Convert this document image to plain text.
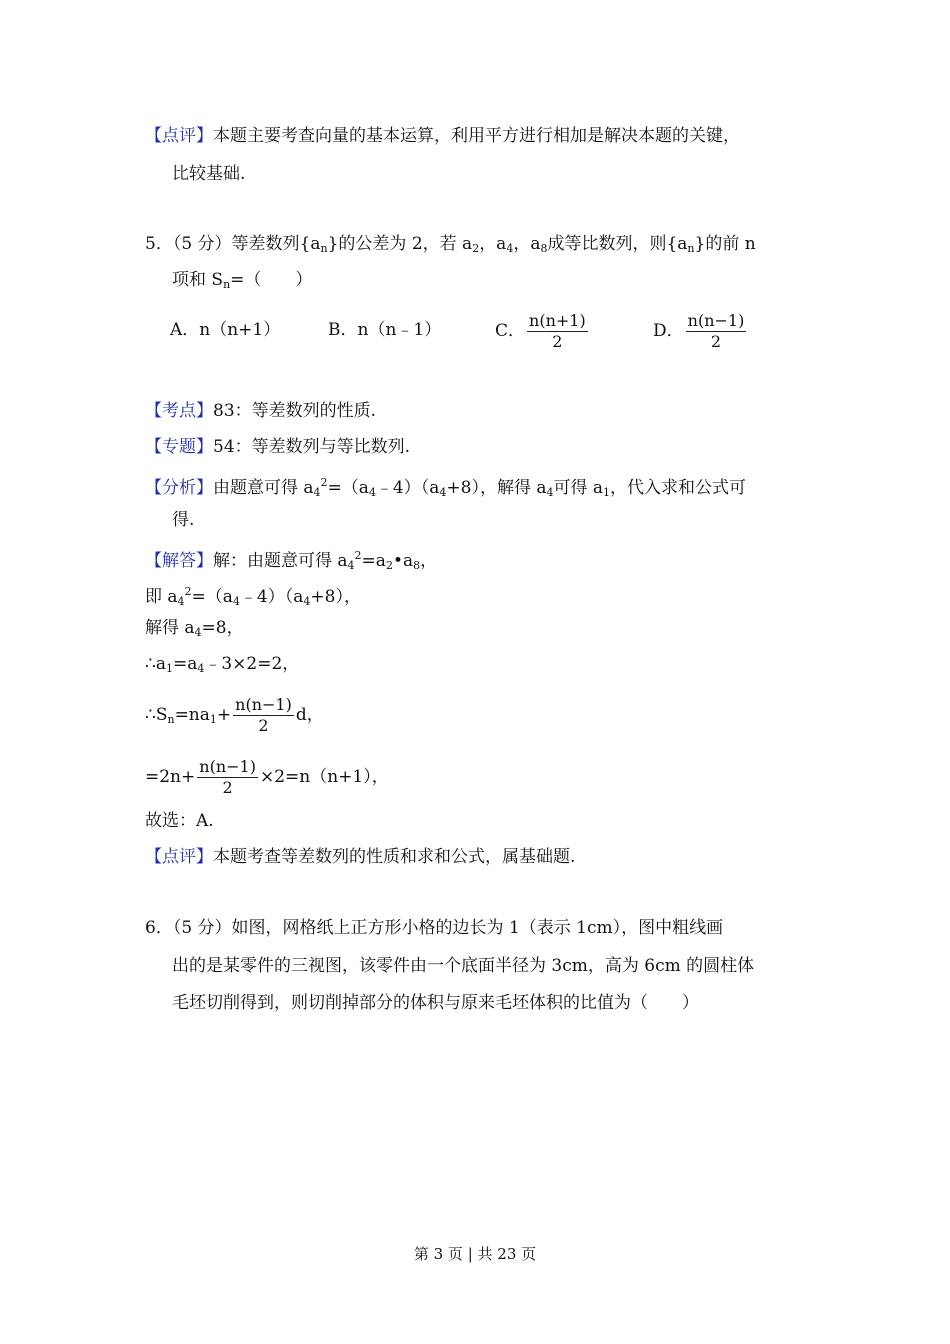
【点评】本题主要考查向量的基本运算，利用平方进行相加是解决本题的关键，
比较基础.
5．（5 分）等差数列$\{a_n\}$的公差为 2，若 $a_2$，$a_4$，$a_8$成等比数列，则$\{a_n\}$的前 n
项和 $S_n=$（　　）
A．n（n+1）	B．n（n﹣1）	C． $\frac{n(n+1)}{2}$	D． $\frac{n(n-1)}{2}$
【考点】83：等差数列的性质.
【专题】54：等差数列与等比数列.
【分析】由题意可得 $a_4^2=(a_4﹣4)(a_4+8)$，解得 $a_4$可得 $a_1$，代入求和公式可
得.
【解答】解：由题意可得 $a_4^2=a_2•a_8$，
即 $a_4^2=(a_4﹣4)(a_4+8)$，
解得 $a_4=8$，
$\therefore a_1=a_4﹣3\times 2=2$，
$\therefore S_n=na_1+ \frac{n(n-1)}{2}$ d，
$=2n+ \frac{n(n-1)}{2} \times 2=n(n+1)$，
故选：A.
【点评】本题考查等差数列的性质和求和公式，属基础题.
6．（5 分）如图，网格纸上正方形小格的边长为 1（表示 1cm），图中粗线画
出的是某零件的三视图，该零件由一个底面半径为 3cm，高为 6cm 的圆柱体
毛坯切削得到，则切削掉部分的体积与原来毛坯体积的比值为（　　）
第 3 页 | 共 23 页
